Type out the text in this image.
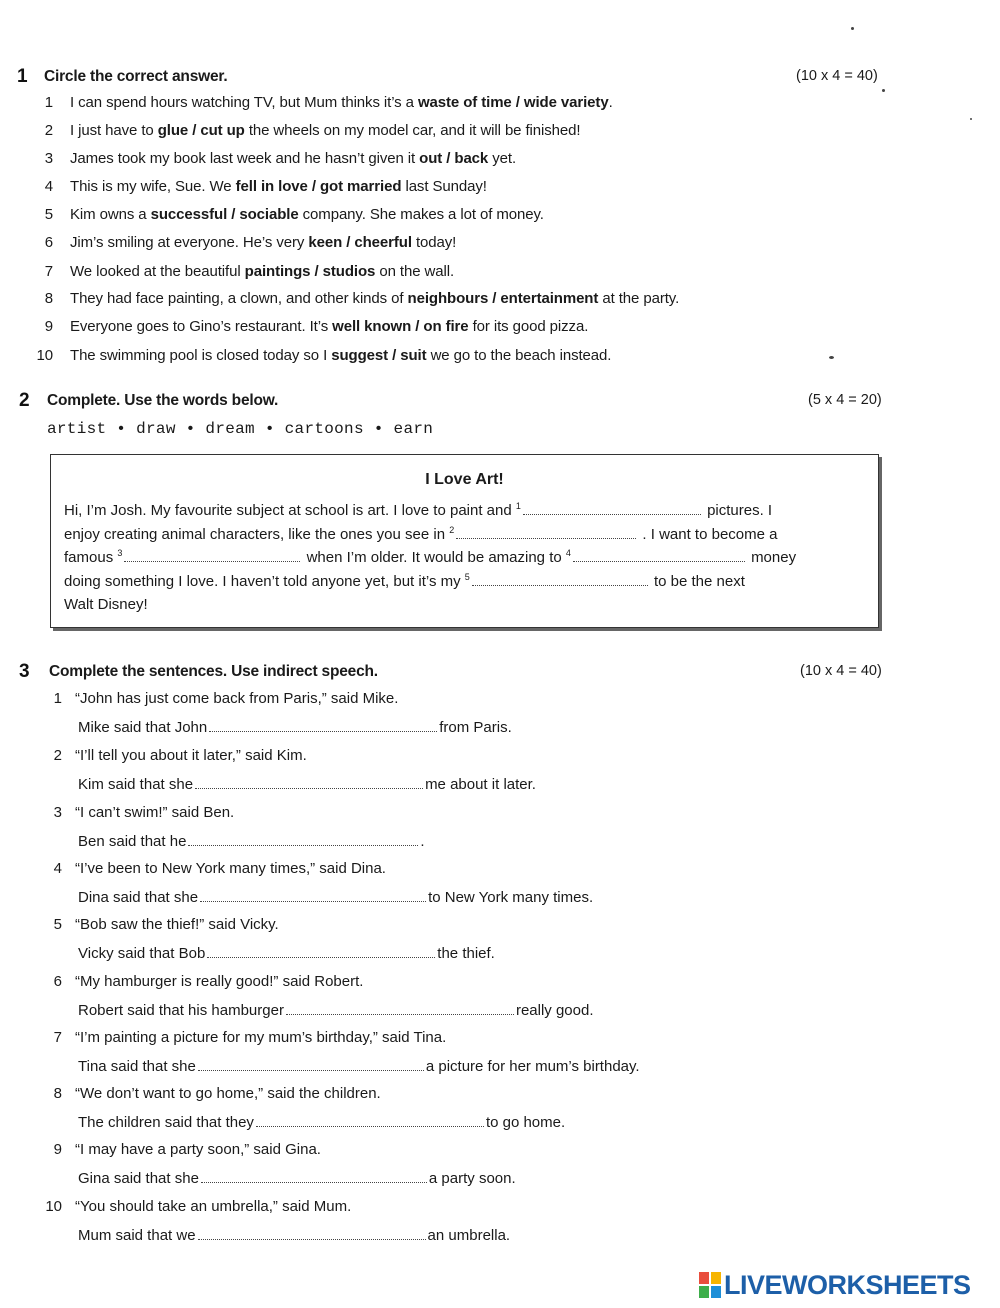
1 Circle the correct answer.	(10 x 4 = 40)
1 I can spend hours watching TV, but Mum thinks it’s a waste of time / wide variety.
2 I just have to glue / cut up the wheels on my model car, and it will be finished!
3 James took my book last week and he hasn’t given it out / back yet.
4 This is my wife, Sue. We fell in love / got married last Sunday!
5 Kim owns a successful / sociable company. She makes a lot of money.
6 Jim’s smiling at everyone. He’s very keen / cheerful today!
7 We looked at the beautiful paintings / studios on the wall.
8 They had face painting, a clown, and other kinds of neighbours / entertainment at the party.
9 Everyone goes to Gino’s restaurant. It’s well known / on fire for its good pizza.
10 The swimming pool is closed today so I suggest / suit we go to the beach instead.
2 Complete. Use the words below.	(5 x 4 = 20)
artist • draw • dream • cartoons • earn
I Love Art!
Hi, I’m Josh. My favourite subject at school is art. I love to paint and $^1$	pictures. I
enjoy creating animal characters, like the ones you see in $^2$	. I want to become a
famous $^3$	when I’m older. It would be amazing to $^4$	money
doing something I love. I haven’t told anyone yet, but it’s my $^5$	to be the next
Walt Disney!
3 Complete the sentences. Use indirect speech.	(10 x 4 = 40)
1 “John has just come back from Paris,” said Mike.
Mike said that John	from Paris.
2 “I’ll tell you about it later,” said Kim.
Kim said that she	me about it later.
3 “I can’t swim!” said Ben.
Ben said that he	.
4 “I’ve been to New York many times,” said Dina.
Dina said that she	to New York many times.
5 “Bob saw the thief!” said Vicky.
Vicky said that Bob	the thief.
6 “My hamburger is really good!” said Robert.
Robert said that his hamburger	really good.
7 “I’m painting a picture for my mum’s birthday,” said Tina.
Tina said that she	a picture for her mum’s birthday.
8 “We don’t want to go home,” said the children.
The children said that they	to go home.
9 “I may have a party soon,” said Gina.
Gina said that she	a party soon.
10 “You should take an umbrella,” said Mum.
Mum said that we	an umbrella.
LIVEWORKSHEETS
